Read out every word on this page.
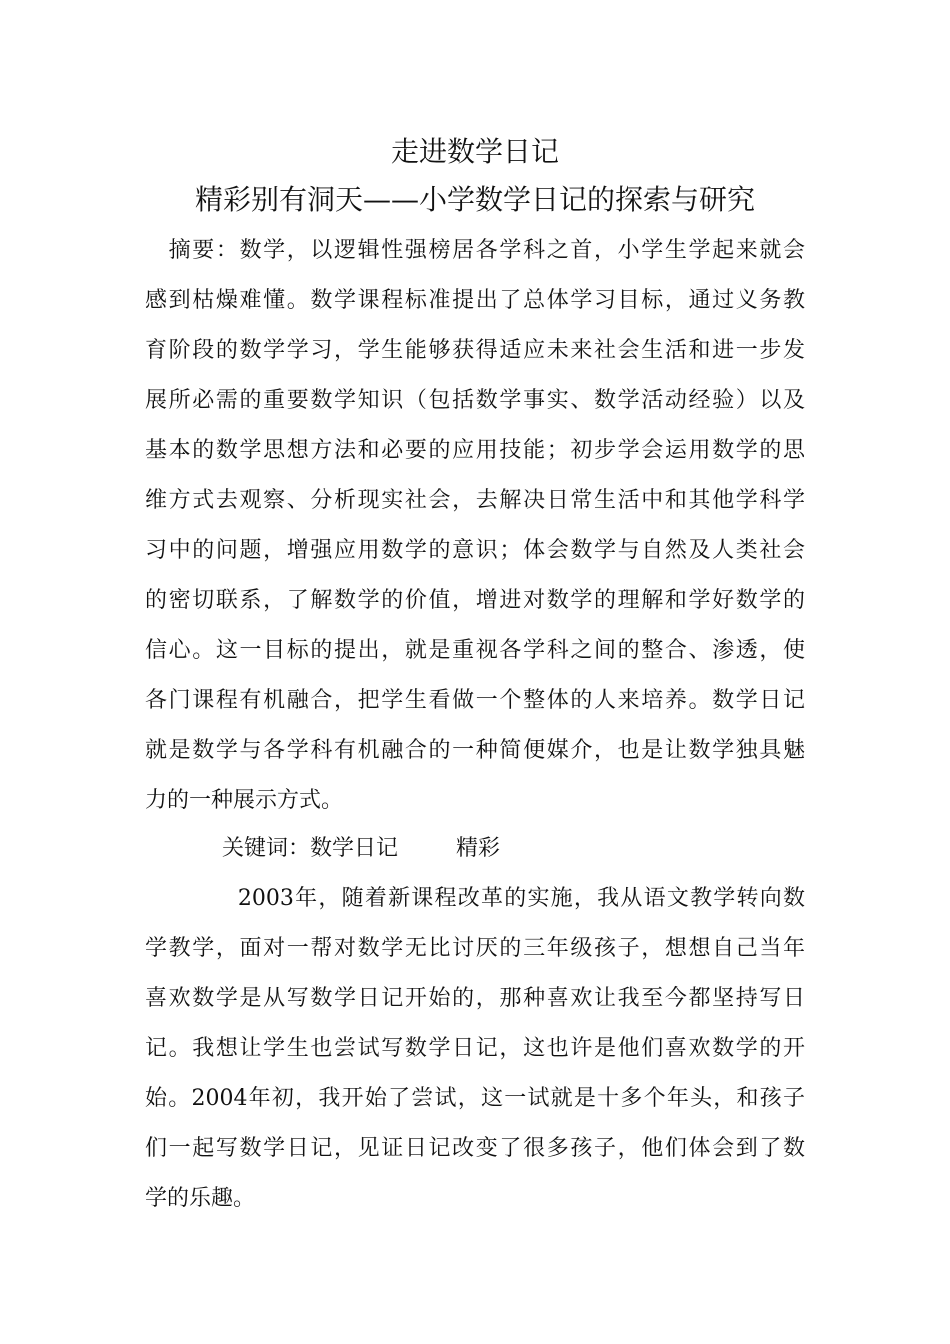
走进数学日记
精彩别有洞天——小学数学日记的探索与研究
　摘要：数学，以逻辑性强榜居各学科之首，小学生学起来就会
感到枯燥难懂。数学课程标准提出了总体学习目标，通过义务教
育阶段的数学学习，学生能够获得适应未来社会生活和进一步发
展所必需的重要数学知识（包括数学事实、数学活动经验）以及
基本的数学思想方法和必要的应用技能；初步学会运用数学的思
维方式去观察、分析现实社会，去解决日常生活中和其他学科学
习中的问题，增强应用数学的意识；体会数学与自然及人类社会
的密切联系，了解数学的价值，增进对数学的理解和学好数学的
信心。这一目标的提出，就是重视各学科之间的整合、渗透，使
各门课程有机融合，把学生看做一个整体的人来培养。数学日记
就是数学与各学科有机融合的一种简便媒介，也是让数学独具魅
力的一种展示方式。
关键词：数学日记	精彩
　　　　2003年，随着新课程改革的实施，我从语文教学转向数
学教学，面对一帮对数学无比讨厌的三年级孩子，想想自己当年
喜欢数学是从写数学日记开始的，那种喜欢让我至今都坚持写日
记。我想让学生也尝试写数学日记，这也许是他们喜欢数学的开
始。2004年初，我开始了尝试，这一试就是十多个年头，和孩子
们一起写数学日记，见证日记改变了很多孩子，他们体会到了数
学的乐趣。
